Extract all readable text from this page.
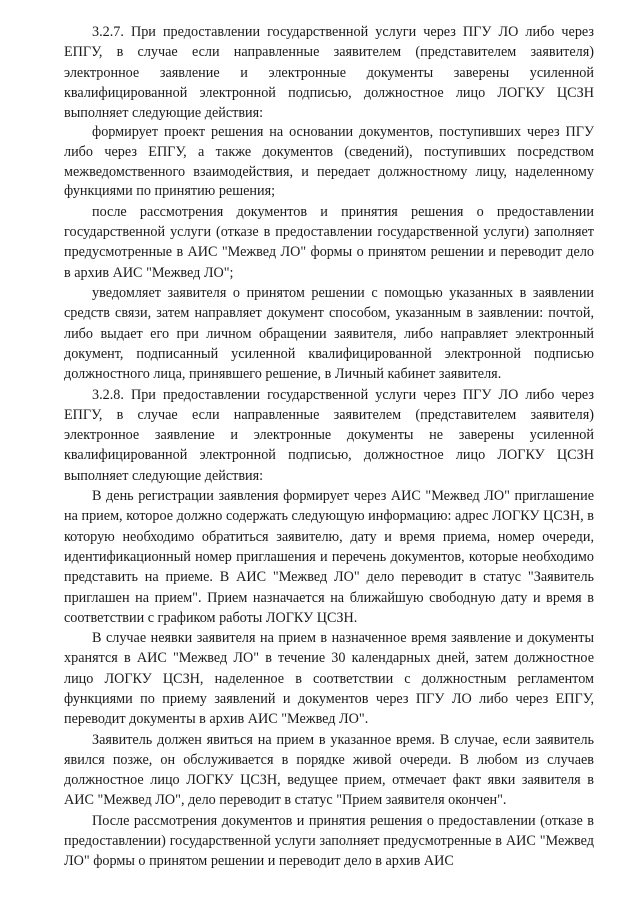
3.2.7. При предоставлении государственной услуги через ПГУ ЛО либо через ЕПГУ, в случае если направленные заявителем (представителем заявителя) электронное заявление и электронные документы заверены усиленной квалифицированной электронной подписью, должностное лицо ЛОГКУ ЦСЗН выполняет следующие действия:

формирует проект решения на основании документов, поступивших через ПГУ либо через ЕПГУ, а также документов (сведений), поступивших посредством межведомственного взаимодействия, и передает должностному лицу, наделенному функциями по принятию решения;

после рассмотрения документов и принятия решения о предоставлении государственной услуги (отказе в предоставлении государственной услуги) заполняет предусмотренные в АИС "Межвед ЛО" формы о принятом решении и переводит дело в архив АИС "Межвед ЛО";

уведомляет заявителя о принятом решении с помощью указанных в заявлении средств связи, затем направляет документ способом, указанным в заявлении: почтой, либо выдает его при личном обращении заявителя, либо направляет электронный документ, подписанный усиленной квалифицированной электронной подписью должностного лица, принявшего решение, в Личный кабинет заявителя.

3.2.8. При предоставлении государственной услуги через ПГУ ЛО либо через ЕПГУ, в случае если направленные заявителем (представителем заявителя) электронное заявление и электронные документы не заверены усиленной квалифицированной электронной подписью, должностное лицо ЛОГКУ ЦСЗН выполняет следующие действия:

В день регистрации заявления формирует через АИС "Межвед ЛО" приглашение на прием, которое должно содержать следующую информацию: адрес ЛОГКУ ЦСЗН, в которую необходимо обратиться заявителю, дату и время приема, номер очереди, идентификационный номер приглашения и перечень документов, которые необходимо представить на приеме. В АИС "Межвед ЛО" дело переводит в статус "Заявитель приглашен на прием". Прием назначается на ближайшую свободную дату и время в соответствии с графиком работы ЛОГКУ ЦСЗН.

В случае неявки заявителя на прием в назначенное время заявление и документы хранятся в АИС "Межвед ЛО" в течение 30 календарных дней, затем должностное лицо ЛОГКУ ЦСЗН, наделенное в соответствии с должностным регламентом функциями по приему заявлений и документов через ПГУ ЛО либо через ЕПГУ, переводит документы в архив АИС "Межвед ЛО".

Заявитель должен явиться на прием в указанное время. В случае, если заявитель явился позже, он обслуживается в порядке живой очереди. В любом из случаев должностное лицо ЛОГКУ ЦСЗН, ведущее прием, отмечает факт явки заявителя в АИС "Межвед ЛО", дело переводит в статус "Прием заявителя окончен".

После рассмотрения документов и принятия решения о предоставлении (отказе в предоставлении) государственной услуги заполняет предусмотренные в АИС "Межвед ЛО" формы о принятом решении и переводит дело в архив АИС
